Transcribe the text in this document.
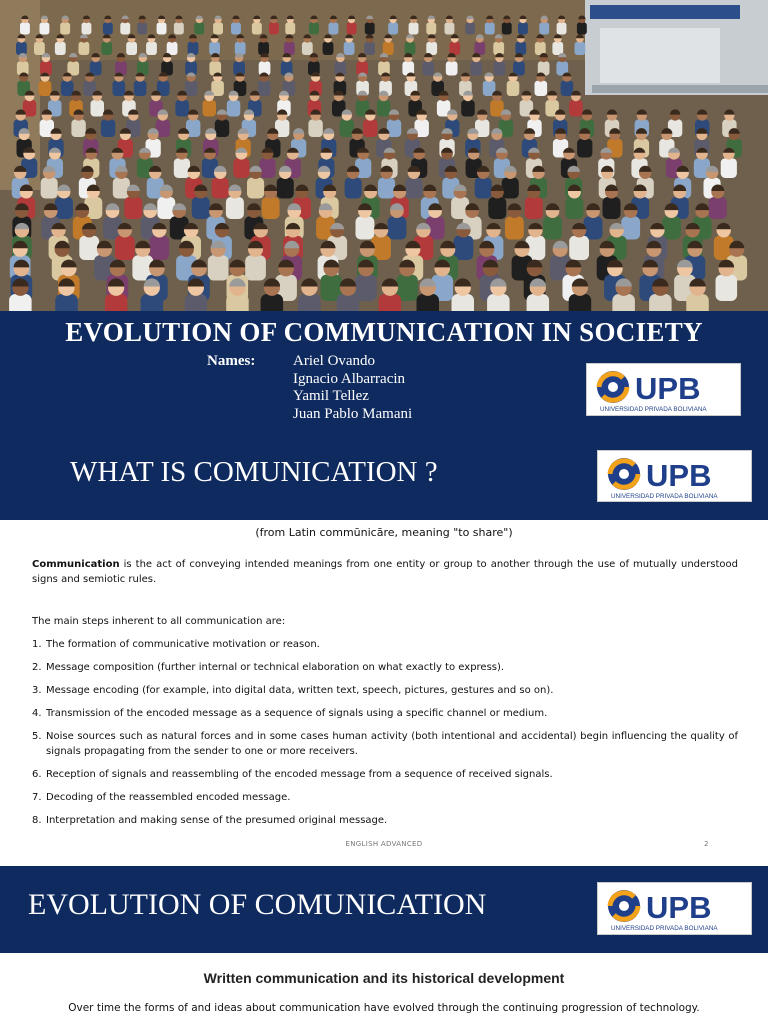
EVOLUTION OF COMMUNICATION IN SOCIETY
Names:	Ariel Ovando
Ignacio Albarracin
Yamil Tellez
Juan Pablo Mamani
UPB
UNIVERSIDAD PRIVADA BOLIVIANA
WHAT IS COMUNICATION ?	UPB
UNIVERSIDAD PRIVADA BOLIVIANA

(from Latin commūnicāre, meaning "to share")

Communication is the act of conveying intended meanings from one entity or group to another through the use of mutually understood signs and semiotic rules.

The main steps inherent to all communication are:

1. The formation of communicative motivation or reason.
2. Message composition (further internal or technical elaboration on what exactly to express).
3. Message encoding (for example, into digital data, written text, speech, pictures, gestures and so on).
4. Transmission of the encoded message as a sequence of signals using a specific channel or medium.
5. Noise sources such as natural forces and in some cases human activity (both intentional and accidental) begin influencing the quality of signals propagating from the sender to one or more receivers.
6. Reception of signals and reassembling of the encoded message from a sequence of received signals.
7. Decoding of the reassembled encoded message.
8. Interpretation and making sense of the presumed original message.
ENGLISH ADVANCED	2
EVOLUTION OF COMUNICATION	UPB
UNIVERSIDAD PRIVADA BOLIVIANA

Written communication and its historical development

Over time the forms of and ideas about communication have evolved through the continuing progression of technology.
